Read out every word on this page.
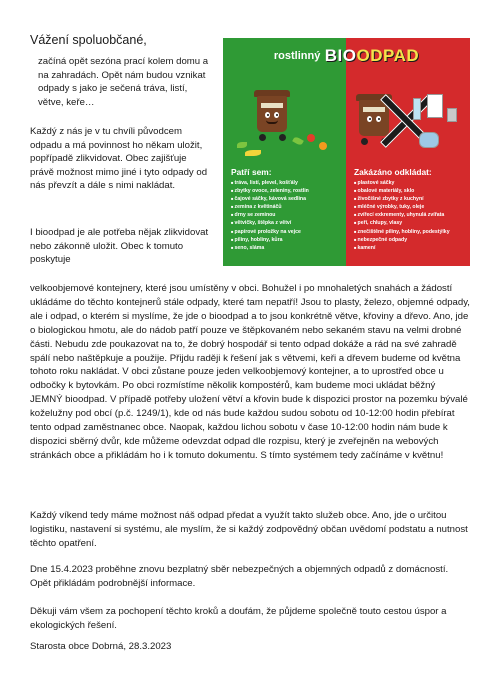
Vážení spoluobčané,

začíná opět sezóna prací kolem domu a na zahradách. Opět nám budou vznikat odpady s jako je sečená tráva, listí, větve, keře…

Každý z nás je v tu chvíli původcem odpadu a má povinnost ho někam uložit, popřípadě zlikvidovat. Obec zajišťuje právě možnost mimo jiné i tyto odpady od nás převzít a dále s nimi nakládat.

I bioodpad je ale potřeba nějak zlikvidovat nebo zákonně uložit. Obec k tomuto poskytuje

rostlinný BIOODPAD
Patří sem:
■ tráva, listí, plevel, košťály
■ zbytky ovoce, zeleniny, rostlin
■ čajové sáčky, kávová sedlina
■ zemina z květináčů
■ drny se zeminou
■ větvičky, štěpka z větví
■ papírové proložky na vejce
■ piliny, hobliny, kůra
■ seno, sláma
Zakázáno odkládat:
■ plastové sáčky
■ obalové materiály, sklo
■ živočišné zbytky z kuchyní
■ mléčné výrobky, tuky, oleje
■ zvířecí exkrementy, uhynulá zvířata
■ peří, chlupy, vlasy
■ znečištěné piliny, hobliny, podestýlky
■ nebezpečné odpady
■ kamení

velkoobjemové kontejnery, které jsou umístěny v obci. Bohužel i po mnohaletých snahách a žádostí ukládáme do těchto kontejnerů stále odpady, které tam nepatří! Jsou to plasty, železo, objemné odpady, ale i odpad, o kterém si myslíme, že jde o bioodpad a to jsou konkrétně větve, křoviny a dřevo. Ano, jde o biologickou hmotu, ale do nádob patří pouze ve štěpkovaném nebo sekaném stavu na velmi drobné části. Nebudu zde poukazovat na to, že dobrý hospodář si tento odpad dokáže a rád na své zahradě spálí nebo naštěpkuje a použije. Přijdu raději k řešení jak s větvemi, keři a dřevem budeme od května tohoto roku nakládat. V obci zůstane pouze jeden velkoobjemový kontejner, a to uprostřed obce u odbočky k bytovkám. Po obci rozmístíme několik kompostérů, kam budeme moci ukládat běžný JEMNÝ bioodpad. V případě potřeby uložení větví a křovin bude k dispozici prostor na pozemku bývalé koželužny pod obcí (p.č. 1249/1), kde od nás bude každou sudou sobotu od 10-12:00 hodin přebírat tento odpad zaměstnanec obce. Naopak, každou lichou sobotu v čase 10-12:00 hodin nám bude k dispozici sběrný dvůr, kde můžeme odevzdat odpad dle rozpisu, který je zveřejněn na webových stránkách obce a přikládám ho i k tomuto dokumentu. S tímto systémem tedy začínáme v květnu!

Každý víkend tedy máme možnost náš odpad předat a využít takto služeb obce. Ano, jde o určitou logistiku, nastavení si systému, ale myslím, že si každý zodpovědný občan uvědomí podstatu a nutnost těchto opatření.

Dne 15.4.2023 proběhne znovu bezplatný sběr nebezpečných a objemných odpadů z domácností. Opět přikládám podrobnější informace.

Děkuji vám všem za pochopení těchto kroků a doufám, že půjdeme společně touto cestou úspor a ekologických řešení.

Starosta obce Dobrná, 28.3.2023
